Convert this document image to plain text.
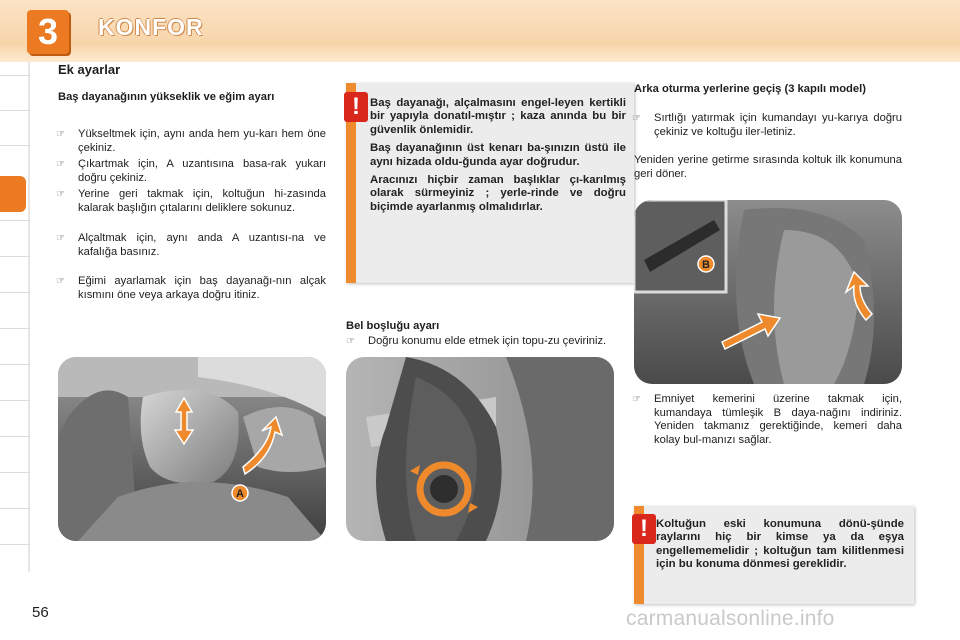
3	KONFOR
Ek ayarlar
Baş dayanağının yükseklik ve eğim ayarı
☞ Yükseltmek için, aynı anda hem yu-karı hem öne çekiniz.
☞ Çıkartmak için, A uzantısına basa-rak yukarı doğru çekiniz.
☞ Yerine geri takmak için, koltuğun hi-zasında kalarak başlığın çıtalarını deliklere sokunuz.
☞ Alçaltmak için, aynı anda A uzantısı-na ve kafalığa basınız.
☞ Eğimi ayarlamak için baş dayanağı-nın alçak kısmını öne veya arkaya doğru itiniz.
A

Baş dayanağı, alçalmasını engel-leyen kertikli bir yapıyla donatıl-mıştır ; kaza anında bu bir güvenlik önlemidir.

Baş dayanağının üst kenarı ba-şınızın üstü ile aynı hizada oldu-ğunda ayar doğrudur.

Aracınızı hiçbir zaman başlıklar çı-karılmış olarak sürmeyiniz ; yerle-rinde ve doğru biçimde ayarlanmış olmalıdırlar.

!
Bel boşluğu ayarı
☞ Doğru konumu elde etmek için topu-zu çeviriniz.
Arka oturma yerlerine geçiş (3 kapılı model)
☞ Sırtlığı yatırmak için kumandayı yu-karıya doğru çekiniz ve koltuğu iler-letiniz.
Yeniden yerine getirme sırasında koltuk ilk konumuna geri döner.
B
☞ Emniyet kemerini üzerine takmak için, kumandaya tümleşik B daya-nağını indiriniz. Yeniden takmanız gerektiğinde, kemeri daha kolay bul-manızı sağlar.

Koltuğun eski konumuna dönü-şünde raylarını hiç bir kimse ya da eşya engellememelidir ; koltuğun tam kilitlenmesi için bu konuma dönmesi gereklidir.

!
56	carmanualsonline.info
